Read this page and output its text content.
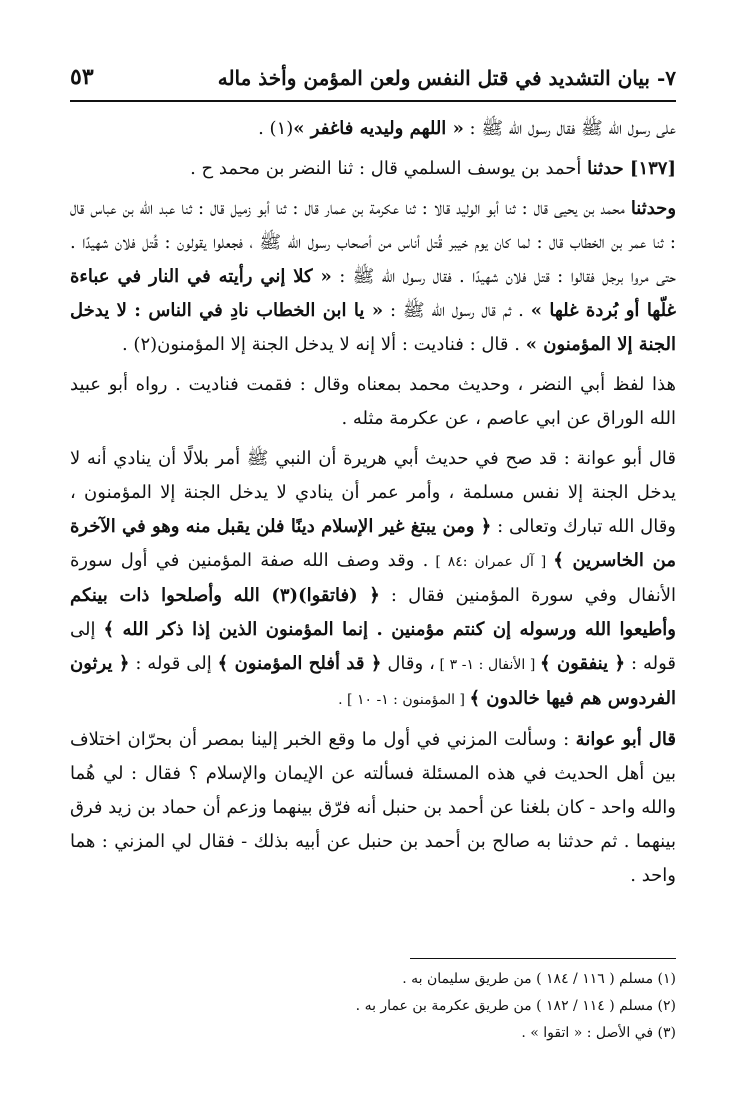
٧- بيان التشديد في قتل النفس ولعن المؤمن وأخذ ماله
٥٣

على رسول الله ﷺ فقال رسول الله ﷺ : « اللهم وليديه فاغفر »(١) .

[١٣٧] حدثنا أحمد بن يوسف السلمي قال : ثنا النضر بن محمد ح .

وحدثنا محمد بن يحيى قال : ثنا أبو الوليد قالا : ثنا عكرمة بن عمار قال : ثنا أبو زميل قال : ثنا عبد الله بن عباس قال : ثنا عمر بن الخطاب قال : لما كان يوم خيبر قُتل أناس من أصحاب رسول الله ﷺ ، فجعلوا يقولون : قُتل فلان شهيدًا . حتى مروا برجل فقالوا : قتل فلان شهيدًا . فقال رسول الله ﷺ : « كلا إني رأيته في النار في عباءة غلّها أو بُردة غلها » . ثم قال رسول الله ﷺ : « يا ابن الخطاب نادِ في الناس : لا يدخل الجنة إلا المؤمنون » . قال : فناديت : ألا إنه لا يدخل الجنة إلا المؤمنون(٢) .

هذا لفظ أبي النضر ، وحديث محمد بمعناه وقال : فقمت فناديت . رواه أبو عبيد الله الوراق عن ابي عاصم ، عن عكرمة مثله .

قال أبو عوانة : قد صح في حديث أبي هريرة أن النبي ﷺ أمر بلالًا أن ينادي أنه لا يدخل الجنة إلا نفس مسلمة ، وأمر عمر أن ينادي لا يدخل الجنة إلا المؤمنون ، وقال الله تبارك وتعالى : ﴿ ومن يبتغ غير الإسلام دينًا فلن يقبل منه وهو في الآخرة من الخاسرين ﴾ [ آل عمران :٨٤ ] . وقد وصف الله صفة المؤمنين في أول سورة الأنفال وفي سورة المؤمنين فقال : ﴿ (فاتقوا)(٣) الله وأصلحوا ذات بينكم وأطيعوا الله ورسوله إن كنتم مؤمنين . إنما المؤمنون الذين إذا ذكر الله ﴾ إلى قوله : ﴿ ينفقون ﴾ [ الأنفال : ١- ٣ ] ، وقال ﴿ قد أفلح المؤمنون ﴾ إلى قوله : ﴿ يرثون الفردوس هم فيها خالدون ﴾ [ المؤمنون : ١- ١٠ ] .

قال أبو عوانة : وسألت المزني في أول ما وقع الخبر إلينا بمصر أن بحرّان اختلاف بين أهل الحديث في هذه المسئلة فسألته عن الإيمان والإسلام ؟ فقال : لي هُما والله واحد - كان بلغنا عن أحمد بن حنبل أنه فرّق بينهما وزعم أن حماد بن زيد فرق بينهما . ثم حدثنا به صالح بن أحمد بن حنبل عن أبيه بذلك - فقال لي المزني : هما واحد .

(١) مسلم ( ١١٦ / ١٨٤ ) من طريق سليمان به .

(٢) مسلم ( ١١٤ / ١٨٢ ) من طريق عكرمة بن عمار به .

(٣) في الأصل : « اتقوا » .
